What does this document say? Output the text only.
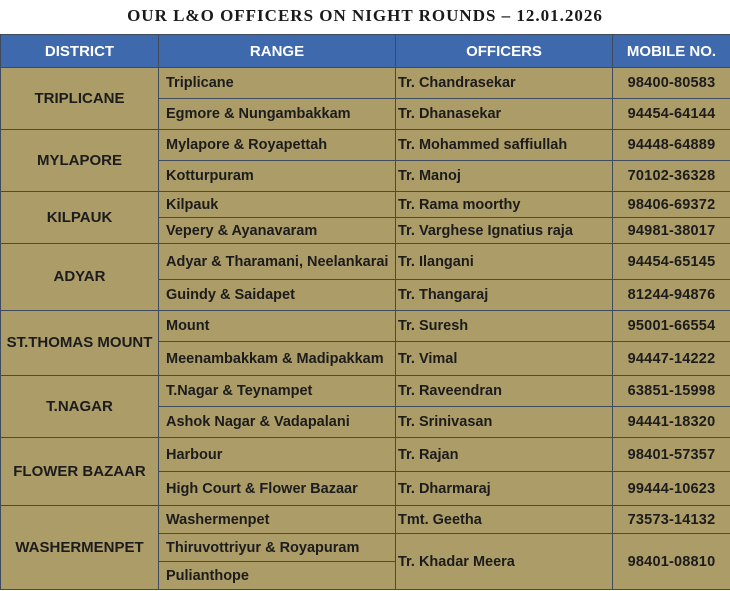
OUR L&O OFFICERS ON NIGHT ROUNDS – 12.01.2026
DISTRICT	RANGE	OFFICERS	MOBILE NO.
TRIPLICANE	Triplicane	Tr. Chandrasekar	98400-80583
	Egmore & Nungambakkam	Tr. Dhanasekar	94454-64144
MYLAPORE	Mylapore & Royapettah	Tr. Mohammed saffiullah	94448-64889
	Kotturpuram	Tr. Manoj	70102-36328
KILPAUK	Kilpauk	Tr. Rama moorthy	98406-69372
	Vepery & Ayanavaram	Tr. Varghese Ignatius raja	94981-38017
ADYAR	Adyar & Tharamani, Neelankarai	Tr. Ilangani	94454-65145
	Guindy & Saidapet	Tr. Thangaraj	81244-94876
ST.THOMAS MOUNT	Mount	Tr. Suresh	95001-66554
	Meenambakkam & Madipakkam	Tr. Vimal	94447-14222
T.NAGAR	T.Nagar & Teynampet	Tr. Raveendran	63851-15998
	Ashok Nagar & Vadapalani	Tr. Srinivasan	94441-18320
FLOWER BAZAAR	Harbour	Tr. Rajan	98401-57357
	High Court & Flower Bazaar	Tr. Dharmaraj	99444-10623
WASHERMENPET	Washermenpet	Tmt. Geetha	73573-14132
	Thiruvottriyur & Royapuram	Tr. Khadar Meera	98401-08810
	Pulianthope		
